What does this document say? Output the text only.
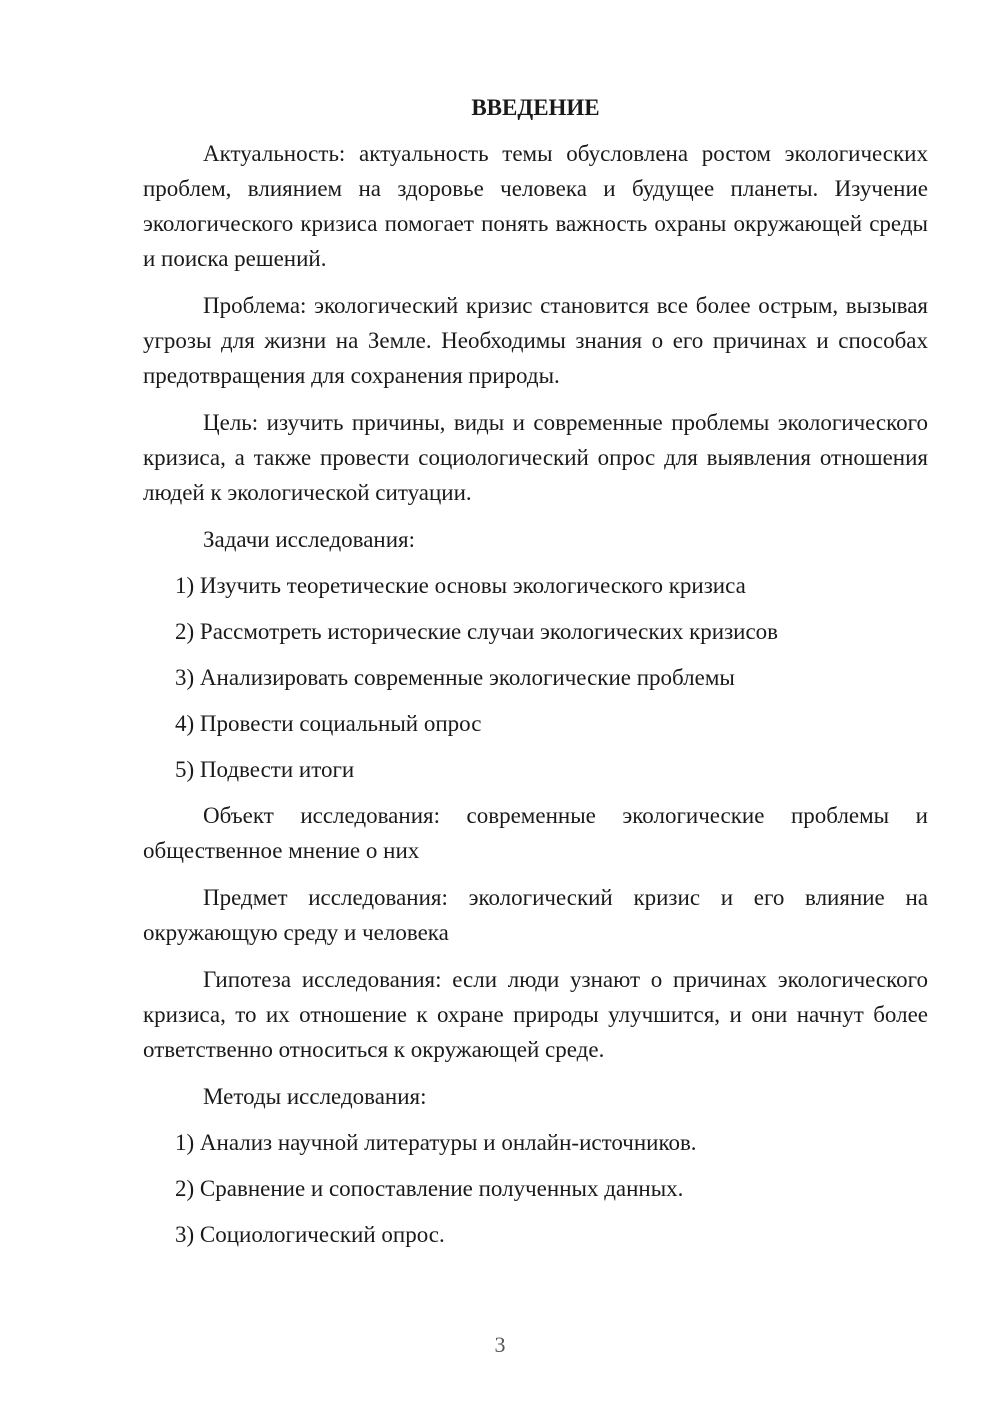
ВВЕДЕНИЕ

Актуальность: актуальность темы обусловлена ростом экологических проблем, влиянием на здоровье человека и будущее планеты. Изучение экологического кризиса помогает понять важность охраны окружающей среды и поиска решений.

Проблема: экологический кризис становится все более острым, вызывая угрозы для жизни на Земле. Необходимы знания о его причинах и способах предотвращения для сохранения природы.

Цель: изучить причины, виды и современные проблемы экологического кризиса, а также провести социологический опрос для выявления отношения людей к экологической ситуации.

Задачи исследования:

1) Изучить теоретические основы экологического кризиса

2) Рассмотреть исторические случаи экологических кризисов

3) Анализировать современные экологические проблемы

4) Провести социальный опрос

5) Подвести итоги

Объект исследования: современные экологические проблемы и общественное мнение о них

Предмет исследования: экологический кризис и его влияние на окружающую среду и человека

Гипотеза исследования: если люди узнают о причинах экологического кризиса, то их отношение к охране природы улучшится, и они начнут более ответственно относиться к окружающей среде.

Методы исследования:

1) Анализ научной литературы и онлайн-источников.

2) Сравнение и сопоставление полученных данных.

3) Социологический опрос.

3
